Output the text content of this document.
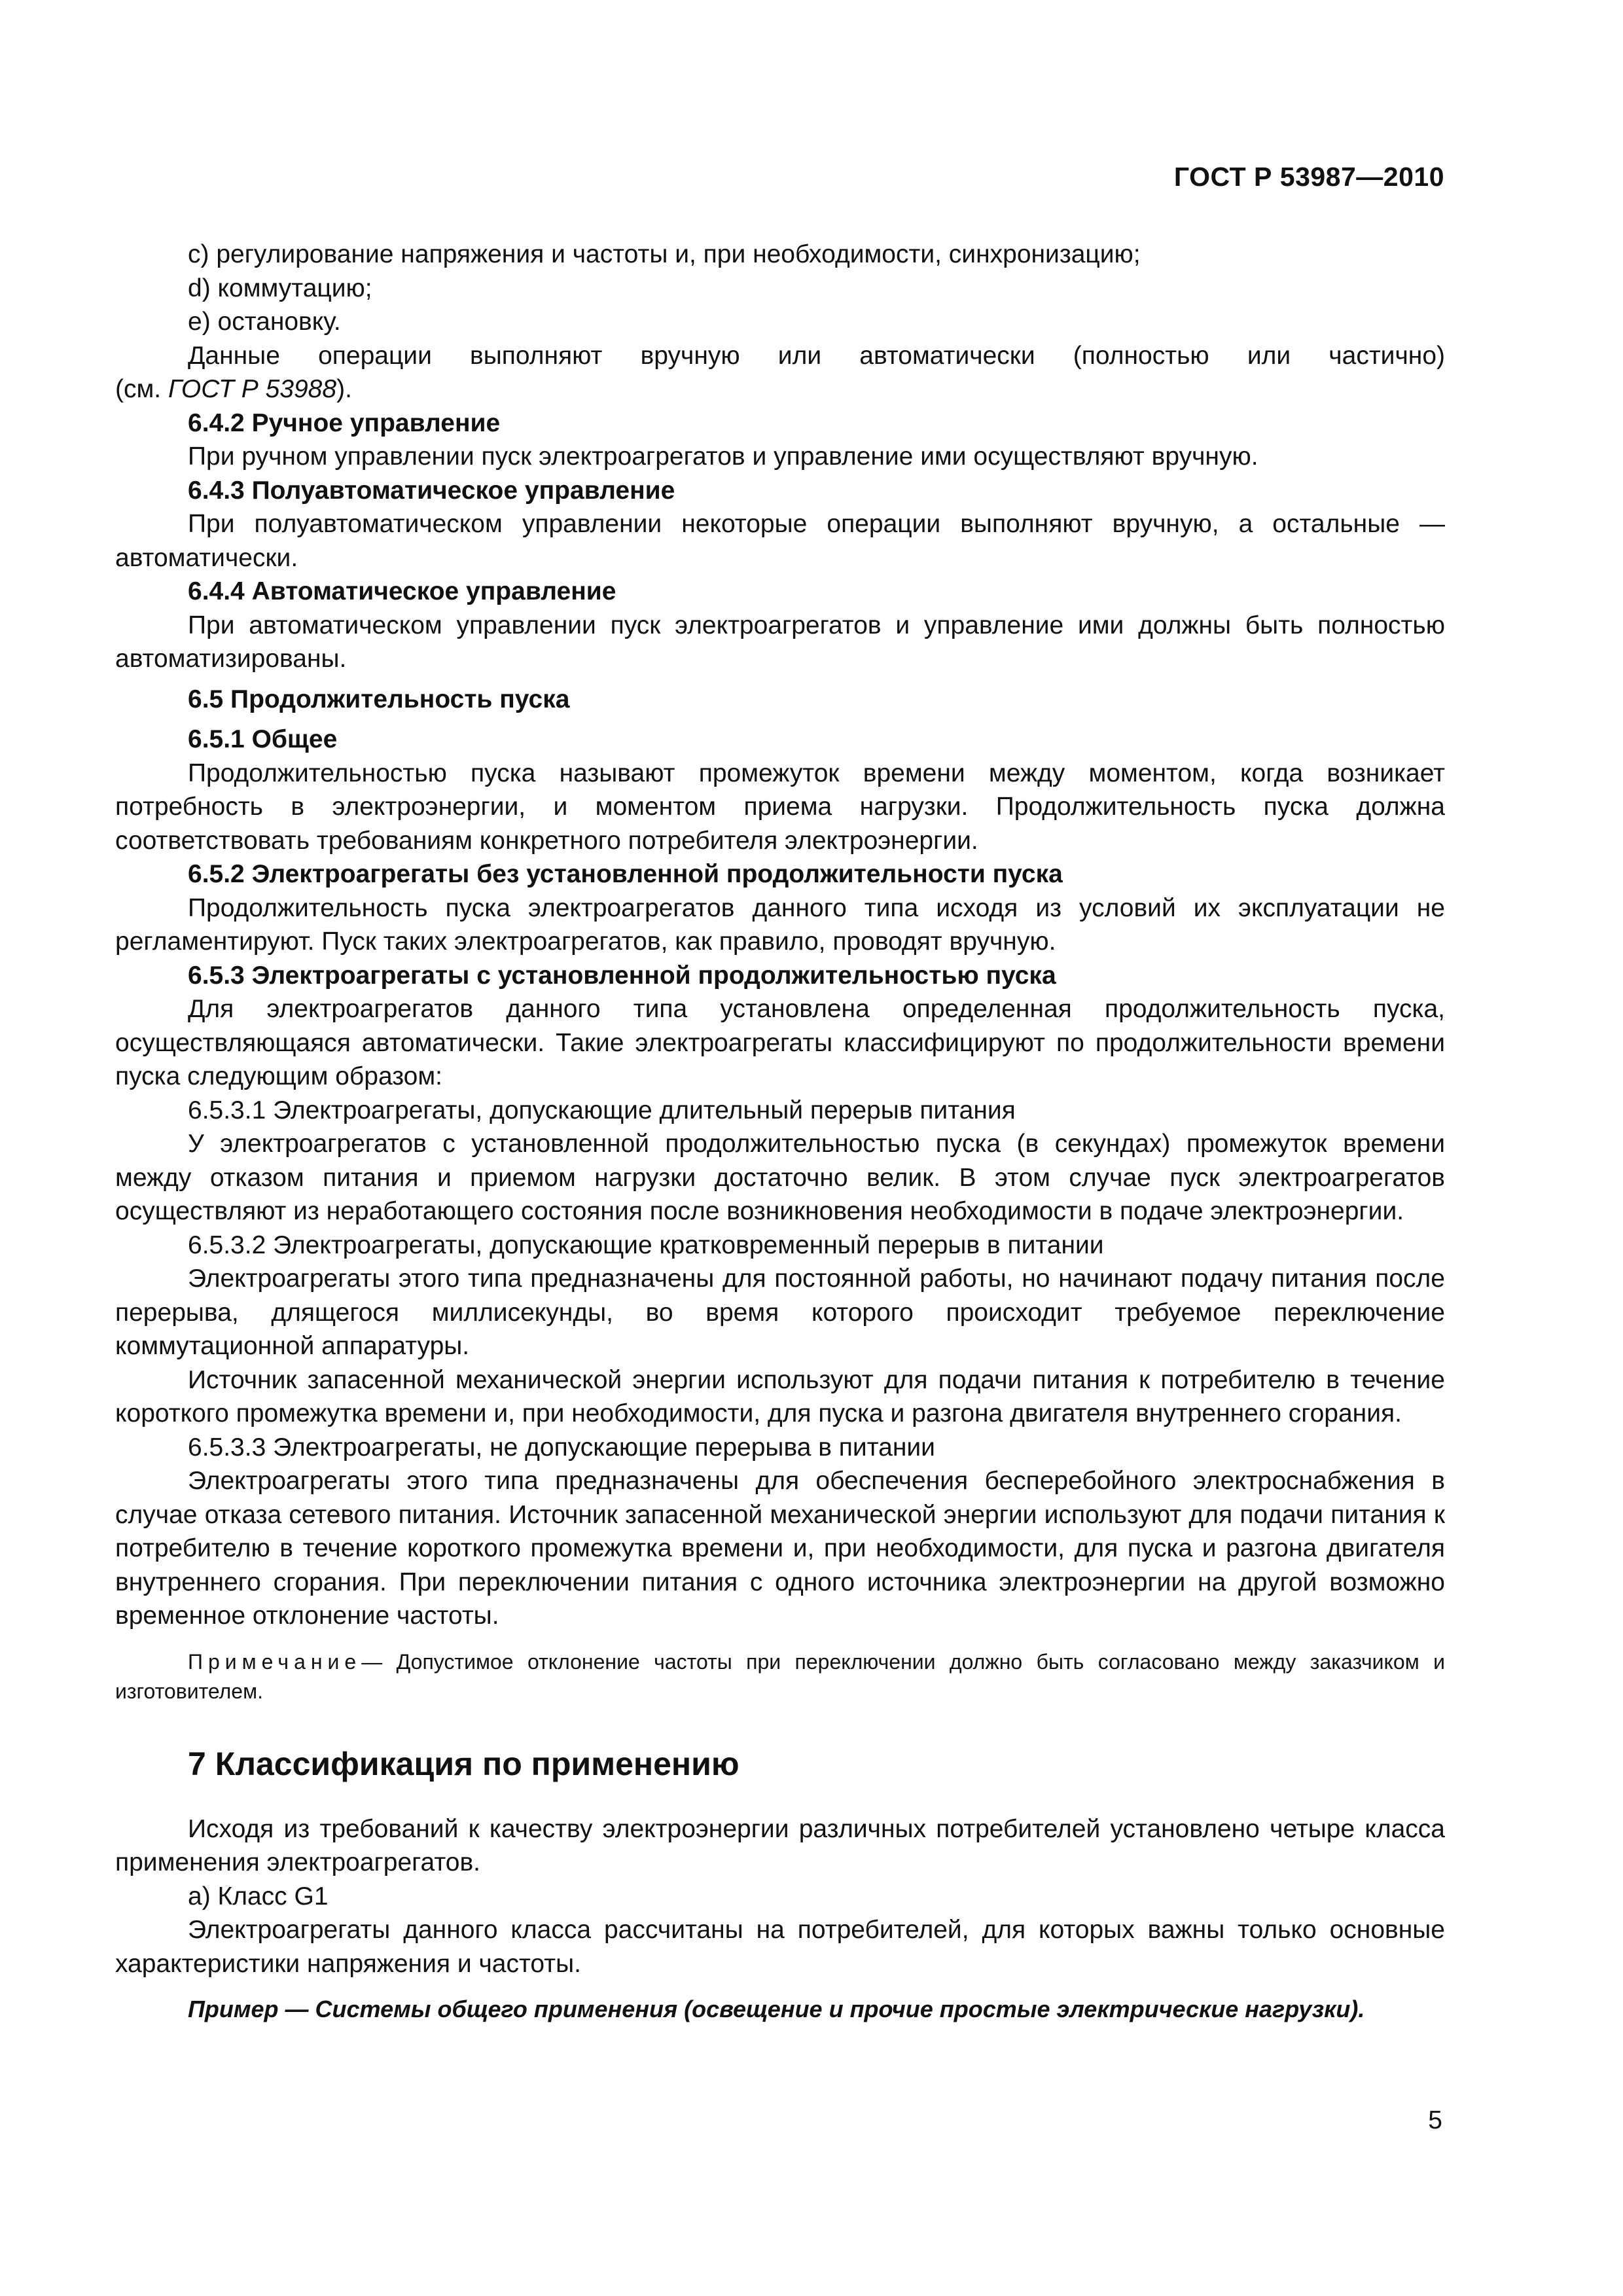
ГОСТ Р 53987—2010

c) регулирование напряжения и частоты и, при необходимости, синхронизацию;

d) коммутацию;

e) остановку.

Данные операции выполняют вручную или автоматически (полностью или частично)

(см. ГОСТ Р 53988).

6.4.2 Ручное управление

При ручном управлении пуск электроагрегатов и управление ими осуществляют вручную.

6.4.3 Полуавтоматическое управление

При полуавтоматическом управлении некоторые операции выполняют вручную, а остальные — автоматически.

6.4.4 Автоматическое управление

При автоматическом управлении пуск электроагрегатов и управление ими должны быть полностью автоматизированы.

6.5 Продолжительность пуска

6.5.1 Общее

Продолжительностью пуска называют промежуток времени между моментом, когда возникает потребность в электроэнергии, и моментом приема нагрузки. Продолжительность пуска должна соответствовать требованиям конкретного потребителя электроэнергии.

6.5.2 Электроагрегаты без установленной продолжительности пуска

Продолжительность пуска электроагрегатов данного типа исходя из условий их эксплуатации не регламентируют. Пуск таких электроагрегатов, как правило, проводят вручную.

6.5.3 Электроагрегаты с установленной продолжительностью пуска

Для электроагрегатов данного типа установлена определенная продолжительность пуска, осуществляющаяся автоматически. Такие электроагрегаты классифицируют по продолжительности времени пуска следующим образом:

6.5.3.1 Электроагрегаты, допускающие длительный перерыв питания

У электроагрегатов с установленной продолжительностью пуска (в секундах) промежуток времени между отказом питания и приемом нагрузки достаточно велик. В этом случае пуск электроагрегатов осуществляют из неработающего состояния после возникновения необходимости в подаче электроэнергии.

6.5.3.2 Электроагрегаты, допускающие кратковременный перерыв в питании

Электроагрегаты этого типа предназначены для постоянной работы, но начинают подачу питания после перерыва, длящегося миллисекунды, во время которого происходит требуемое переключение коммутационной аппаратуры.

Источник запасенной механической энергии используют для подачи питания к потребителю в течение короткого промежутка времени и, при необходимости, для пуска и разгона двигателя внутреннего сгорания.

6.5.3.3 Электроагрегаты, не допускающие перерыва в питании

Электроагрегаты этого типа предназначены для обеспечения бесперебойного электроснабжения в случае отказа сетевого питания. Источник запасенной механической энергии используют для подачи питания к потребителю в течение короткого промежутка времени и, при необходимости, для пуска и разгона двигателя внутреннего сгорания. При переключении питания с одного источника электроэнергии на другой возможно временное отклонение частоты.

Примечание— Допустимое отклонение частоты при переключении должно быть согласовано между заказчиком и изготовителем.

7 Классификация по применению

Исходя из требований к качеству электроэнергии различных потребителей установлено четыре класса применения электроагрегатов.

a) Класс G1

Электроагрегаты данного класса рассчитаны на потребителей, для которых важны только основные характеристики напряжения и частоты.

Пример — Системы общего применения (освещение и прочие простые электрические нагрузки).

5
